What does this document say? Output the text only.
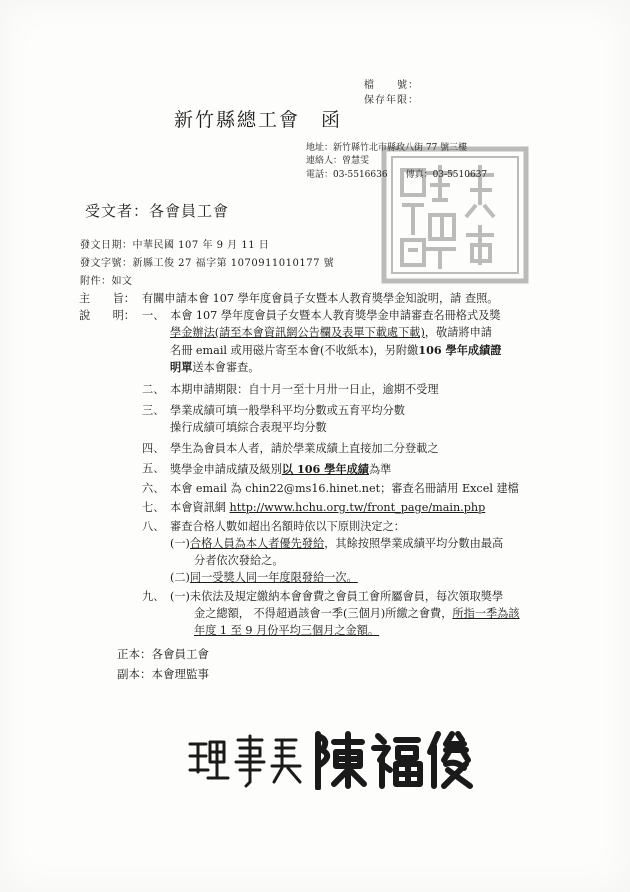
檔　　號：
保存年限：
新竹縣總工會　函
地址：新竹縣竹北市縣政八街 77 號三樓
連絡人：曾慧雯
電話：03-5516636　　傳真：03-5510637
受文者：各會員工會
發文日期：中華民國 107 年 9 月 11 日
發文字號：新縣工俊 27 福字第 1070911010177 號
附件：如文
主　　旨： 有關申請本會 107 學年度會員子女暨本人教育獎學金知說明，請 查照。
說　　明： 一、 本會 107 學年度會員子女暨本人教育獎學金申請審查名冊格式及獎
學金辦法(請至本會資訊網公告欄及表單下載處下載)，敬請將申請
名冊 email 或用磁片寄至本會(不收紙本)，另附繳106 學年成績證
明單送本會審查。
二、 本期申請期限：自十月一至十月卅一日止，逾期不受理
三、 學業成績可填一般學科平均分數或五育平均分數
操行成績可填綜合表現平均分數
四、 學生為會員本人者，請於學業成績上直接加二分登載之
五、 獎學金申請成績及級別以 106 學年成績為準
六、 本會 email 為 chin22@ms16.hinet.net；審查名冊請用 Excel 建檔
七、 本會資訊網 http://www.hchu.org.tw/front_page/main.php
八、 審查合格人數如超出名額時依以下原則決定之：
(一)合格人員為本人者優先發給，其餘按照學業成績平均分數由最高
分者依次發給之。
(二)同一受獎人同一年度限發給一次。
九、 (一)未依法及規定繳納本會會費之會員工會所屬會員，每次領取獎學
金之總額， 不得超過該會一季(三個月)所繳之會費，所指一季為該
年度 1 至 9 月份平均三個月之金額。
正本：各會員工會
副本：本會理監事
